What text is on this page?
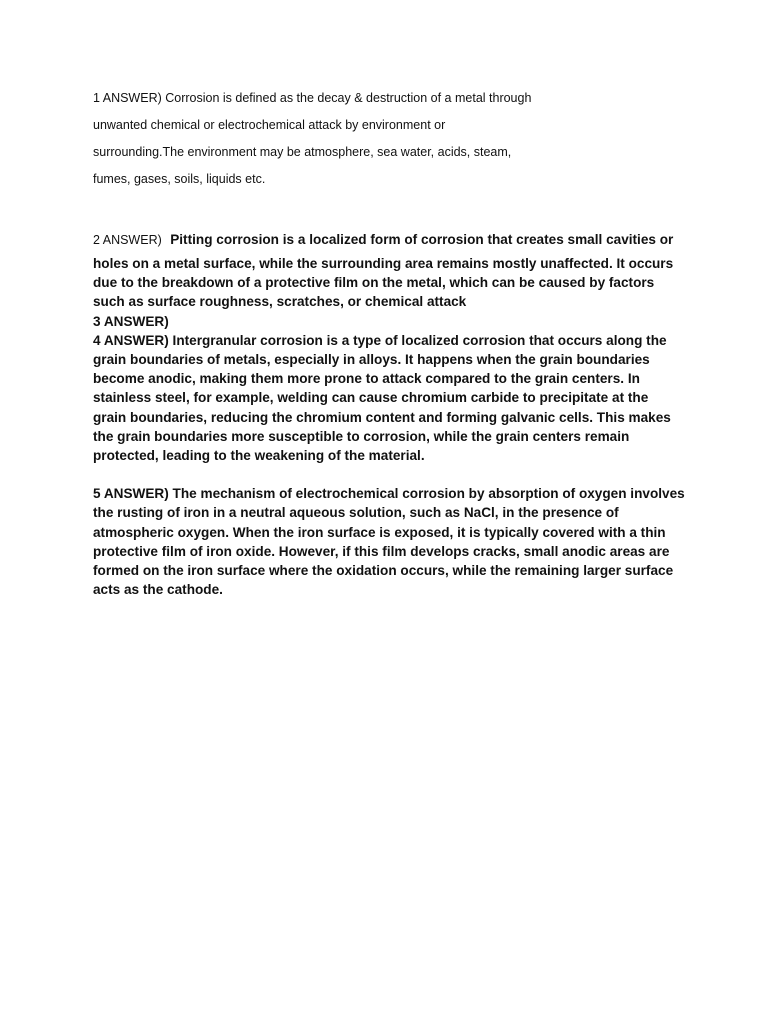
1 ANSWER) Corrosion is defined as the decay & destruction of a metal through
unwanted chemical or electrochemical attack by environment or
surrounding.The environment may be atmosphere, sea water, acids, steam,
fumes, gases, soils, liquids etc.
2 ANSWER) Pitting corrosion is a localized form of corrosion that creates small cavities or
holes on a metal surface, while the surrounding area remains mostly unaffected. It occurs
due to the breakdown of a protective film on the metal, which can be caused by factors
such as surface roughness, scratches, or chemical attack
3 ANSWER)
4 ANSWER) Intergranular corrosion is a type of localized corrosion that occurs along the
grain boundaries of metals, especially in alloys. It happens when the grain boundaries
become anodic, making them more prone to attack compared to the grain centers. In
stainless steel, for example, welding can cause chromium carbide to precipitate at the
grain boundaries, reducing the chromium content and forming galvanic cells. This makes
the grain boundaries more susceptible to corrosion, while the grain centers remain
protected, leading to the weakening of the material.
5 ANSWER) The mechanism of electrochemical corrosion by absorption of oxygen involves
the rusting of iron in a neutral aqueous solution, such as NaCl, in the presence of
atmospheric oxygen. When the iron surface is exposed, it is typically covered with a thin
protective film of iron oxide. However, if this film develops cracks, small anodic areas are
formed on the iron surface where the oxidation occurs, while the remaining larger surface
acts as the cathode.
